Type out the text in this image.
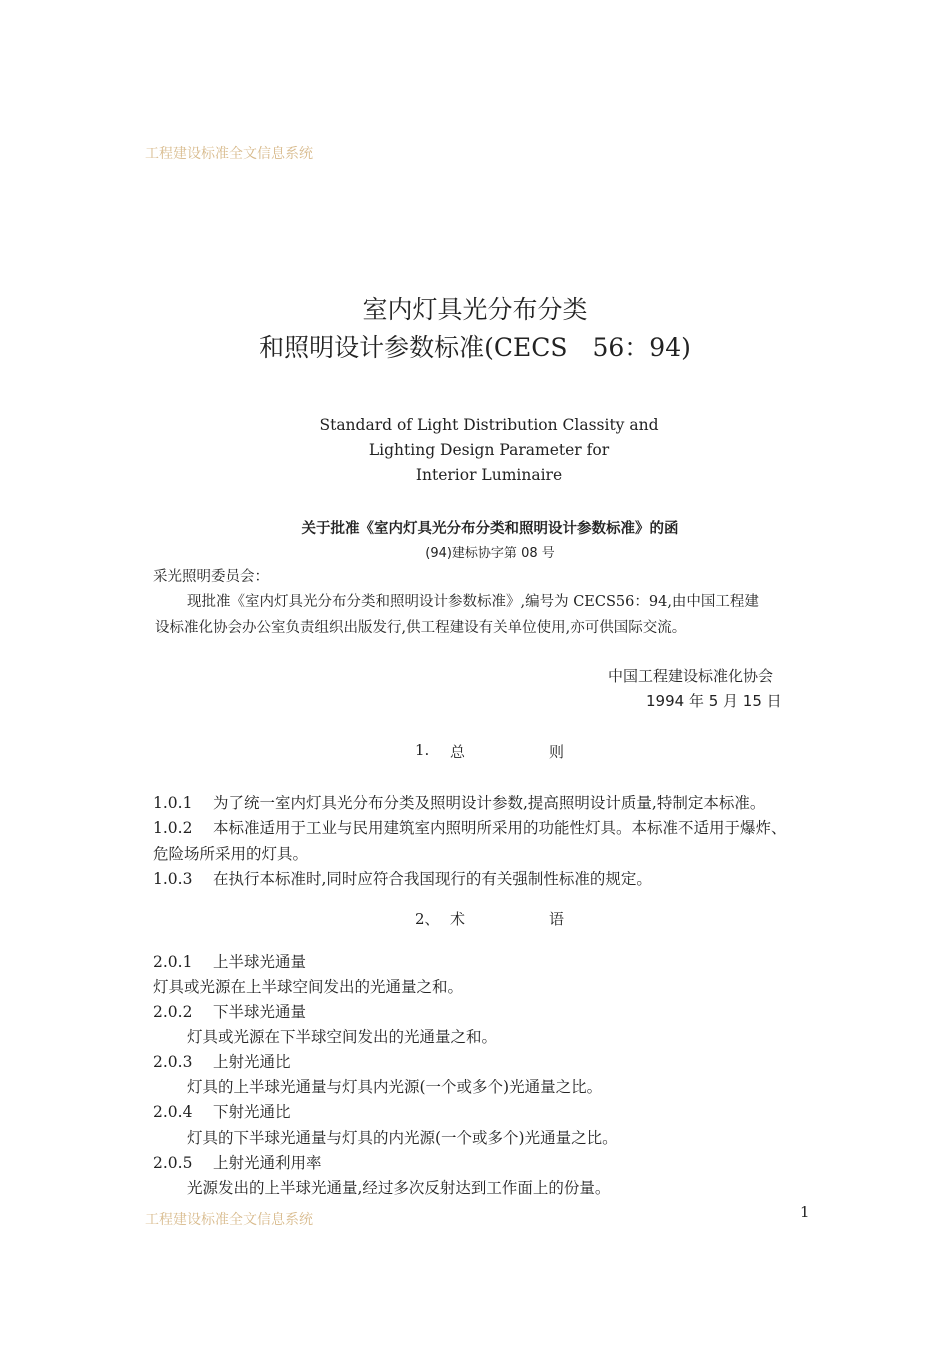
工程建设标准全文信息系统
室内灯具光分布分类
和照明设计参数标准(CECS　56：94)
Standard of Light Distribution Classity and
Lighting Design Parameter for
Interior Luminaire
关于批准《室内灯具光分布分类和照明设计参数标准》的函
(94)建标协字第 08 号
采光照明委员会：
现批准《室内灯具光分布分类和照明设计参数标准》,编号为 CECS56：94,由中国工程建
设标准化协会办公室负责组织出版发行,供工程建设有关单位使用,亦可供国际交流。
中国工程建设标准化协会
1994 年 5 月 15 日
1. 总	则
1.0.1 为了统一室内灯具光分布分类及照明设计参数,提高照明设计质量,特制定本标准。
1.0.2 本标准适用于工业与民用建筑室内照明所采用的功能性灯具。本标准不适用于爆炸、
危险场所采用的灯具。
1.0.3 在执行本标准时,同时应符合我国现行的有关强制性标准的规定。
2、 术	语
2.0.1 上半球光通量
灯具或光源在上半球空间发出的光通量之和。
2.0.2 下半球光通量
灯具或光源在下半球空间发出的光通量之和。
2.0.3 上射光通比
灯具的上半球光通量与灯具内光源(一个或多个)光通量之比。
2.0.4 下射光通比
灯具的下半球光通量与灯具的内光源(一个或多个)光通量之比。
2.0.5 上射光通利用率
光源发出的上半球光通量,经过多次反射达到工作面上的份量。
工程建设标准全文信息系统	1
